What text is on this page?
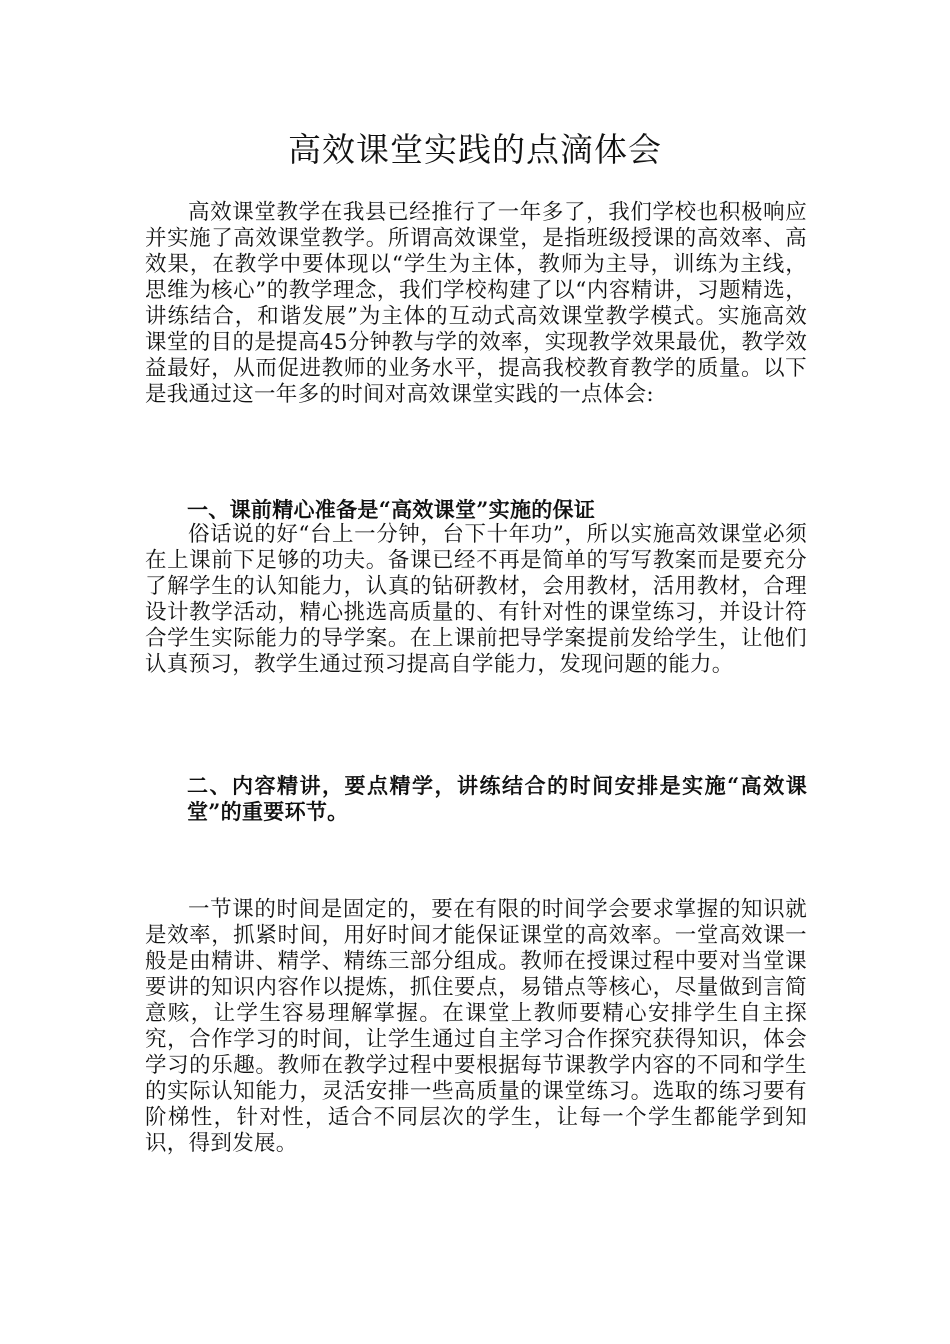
高效课堂实践的点滴体会

高效课堂教学在我县已经推行了一年多了，我们学校也积极响应并实施了高效课堂教学。所谓高效课堂，是指班级授课的高效率、高效果，在教学中要体现以“学生为主体，教师为主导，训练为主线，思维为核心”的教学理念，我们学校构建了以“内容精讲，习题精选，讲练结合，和谐发展”为主体的互动式高效课堂教学模式。实施高效课堂的目的是提高45分钟教与学的效率，实现教学效果最优，教学效益最好，从而促进教师的业务水平，提高我校教育教学的质量。以下是我通过这一年多的时间对高效课堂实践的一点体会:

一、课前精心准备是“高效课堂”实施的保证

俗话说的好“台上一分钟，台下十年功”，所以实施高效课堂必须在上课前下足够的功夫。备课已经不再是简单的写写教案而是要充分了解学生的认知能力，认真的钻研教材，会用教材，活用教材，合理设计教学活动，精心挑选高质量的、有针对性的课堂练习，并设计符合学生实际能力的导学案。在上课前把导学案提前发给学生，让他们认真预习，教学生通过预习提高自学能力，发现问题的能力。

二、内容精讲，要点精学，讲练结合的时间安排是实施“高效课堂”的重要环节。

一节课的时间是固定的，要在有限的时间学会要求掌握的知识就是效率，抓紧时间，用好时间才能保证课堂的高效率。一堂高效课一般是由精讲、精学、精练三部分组成。教师在授课过程中要对当堂课要讲的知识内容作以提炼，抓住要点，易错点等核心，尽量做到言简意赅，让学生容易理解掌握。在课堂上教师要精心安排学生自主探究，合作学习的时间，让学生通过自主学习合作探究获得知识，体会学习的乐趣。教师在教学过程中要根据每节课教学内容的不同和学生的实际认知能力，灵活安排一些高质量的课堂练习。选取的练习要有阶梯性，针对性，适合不同层次的学生，让每一个学生都能学到知识，得到发展。
